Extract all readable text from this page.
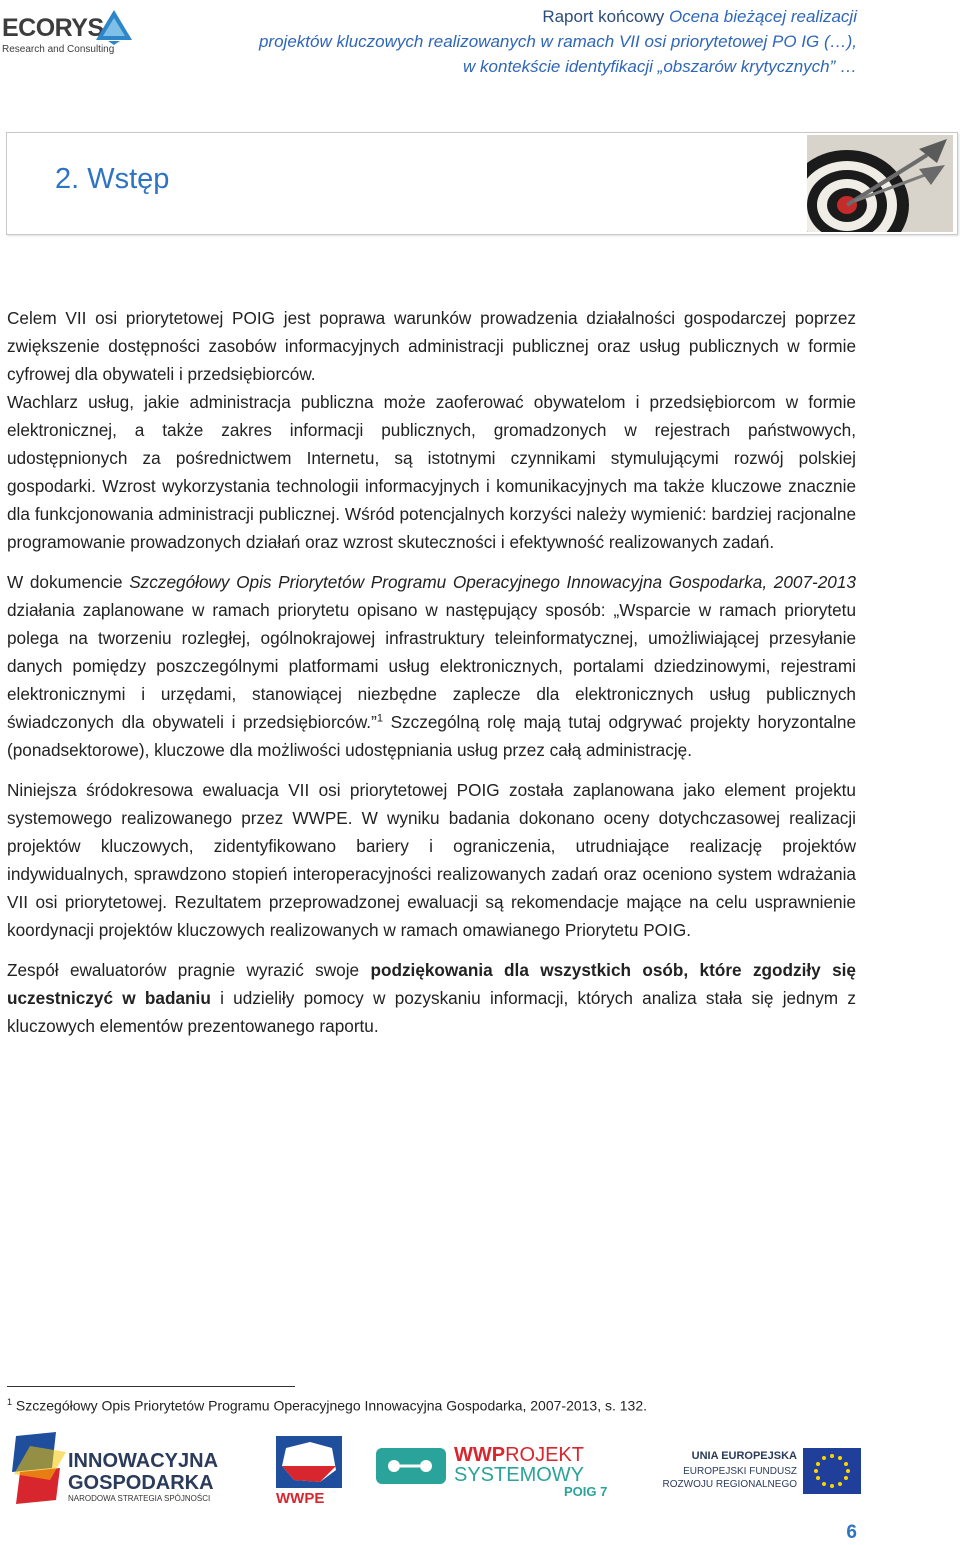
ECORYS
Research and Consulting
Raport końcowy Ocena bieżącej realizacji
projektów kluczowych realizowanych w ramach VII osi priorytetowej PO IG (…),
w kontekście identyfikacji „obszarów krytycznych” …
2. Wstęp

Celem VII osi priorytetowej POIG jest poprawa warunków prowadzenia działalności gospodarczej poprzez zwiększenie dostępności zasobów informacyjnych administracji publicznej oraz usług publicznych w formie cyfrowej dla obywateli i przedsiębiorców.

Wachlarz usług, jakie administracja publiczna może zaoferować obywatelom i przedsiębiorcom w formie elektronicznej, a także zakres informacji publicznych, gromadzonych w rejestrach państwowych, udostępnionych za pośrednictwem Internetu, są istotnymi czynnikami stymulującymi rozwój polskiej gospodarki. Wzrost wykorzystania technologii informacyjnych i komunikacyjnych ma także kluczowe znacznie dla funkcjonowania administracji publicznej. Wśród potencjalnych korzyści należy wymienić: bardziej racjonalne programowanie prowadzonych działań oraz wzrost skuteczności i efektywność realizowanych zadań.

W dokumencie Szczegółowy Opis Priorytetów Programu Operacyjnego Innowacyjna Gospodarka, 2007-2013 działania zaplanowane w ramach priorytetu opisano w następujący sposób: „Wsparcie w ramach priorytetu polega na tworzeniu rozległej, ogólnokrajowej infrastruktury teleinformatycznej, umożliwiającej przesyłanie danych pomiędzy poszczególnymi platformami usług elektronicznych, portalami dziedzinowymi, rejestrami elektronicznymi i urzędami, stanowiącej niezbędne zaplecze dla elektronicznych usług publicznych świadczonych dla obywateli i przedsiębiorców.”$^1$ Szczególną rolę mają tutaj odgrywać projekty horyzontalne (ponadsektorowe), kluczowe dla możliwości udostępniania usług przez całą administrację.

Niniejsza śródokresowa ewaluacja VII osi priorytetowej POIG została zaplanowana jako element projektu systemowego realizowanego przez WWPE. W wyniku badania dokonano oceny dotychczasowej realizacji projektów kluczowych, zidentyfikowano bariery i ograniczenia, utrudniające realizację projektów indywidualnych, sprawdzono stopień interoperacyjności realizowanych zadań oraz oceniono system wdrażania VII osi priorytetowej. Rezultatem przeprowadzonej ewaluacji są rekomendacje mające na celu usprawnienie koordynacji projektów kluczowych realizowanych w ramach omawianego Priorytetu POIG.

Zespół ewaluatorów pragnie wyrazić swoje podziękowania dla wszystkich osób, które zgodziły się uczestniczyć w badaniu i udzieliły pomocy w pozyskaniu informacji, których analiza stała się jednym z kluczowych elementów prezentowanego raportu.

$^1$ Szczegółowy Opis Priorytetów Programu Operacyjnego Innowacyjna Gospodarka, 2007-2013, s. 132.
INNOWACYJNA
GOSPODARKA
NARODOWA STRATEGIA SPÓJNOŚCI	WWPE
WWPROJEKT
SYSTEMOWY
POIG 7
UNIA EUROPEJSKA
EUROPEJSKI FUNDUSZ
ROZWOJU REGIONALNEGO
6
